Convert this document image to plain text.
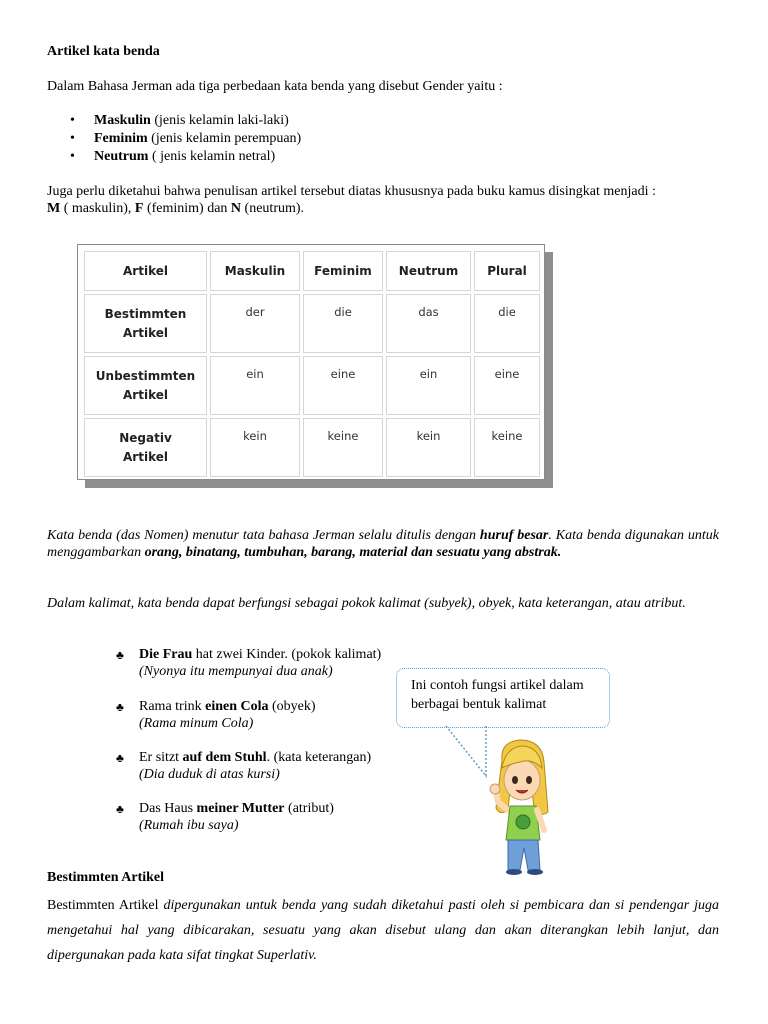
Artikel kata benda
Dalam Bahasa Jerman ada tiga perbedaan kata benda yang disebut Gender yaitu :
• Maskulin (jenis kelamin laki-laki)
• Feminim (jenis kelamin perempuan)
• Neutrum ( jenis kelamin netral)
Juga perlu diketahui bahwa penulisan artikel tersebut diatas khususnya pada buku kamus disingkat menjadi :
M ( maskulin), F (feminim) dan N (neutrum).
Artikel	Maskulin	Feminim	Neutrum	Plural
Bestimmten
Artikel	der	die	das	die
Unbestimmten
Artikel	ein	eine	ein	eine
Negativ
Artikel	kein	keine	kein	keine
Kata benda (das Nomen) menutur tata bahasa Jerman selalu ditulis dengan huruf besar. Kata benda digunakan untuk menggambarkan orang, binatang, tumbuhan, barang, material dan sesuatu yang abstrak.
Dalam kalimat, kata benda dapat berfungsi sebagai pokok kalimat (subyek), obyek, kata keterangan, atau atribut.
♣ Die Frau hat zwei Kinder. (pokok kalimat)
(Nyonya itu mempunyai dua anak)
♣ Rama trink einen Cola (obyek)
(Rama minum Cola)
♣ Er sitzt auf dem Stuhl. (kata keterangan)
(Dia duduk di atas kursi)
♣ Das Haus meiner Mutter (atribut)
(Rumah ibu saya)
Ini contoh fungsi artikel dalam berbagai bentuk kalimat
Bestimmten Artikel
Bestimmten Artikel dipergunakan untuk benda yang sudah diketahui pasti oleh si pembicara dan si pendengar juga mengetahui hal yang dibicarakan, sesuatu yang akan disebut ulang dan akan diterangkan lebih lanjut, dan dipergunakan pada kata sifat tingkat Superlativ.
